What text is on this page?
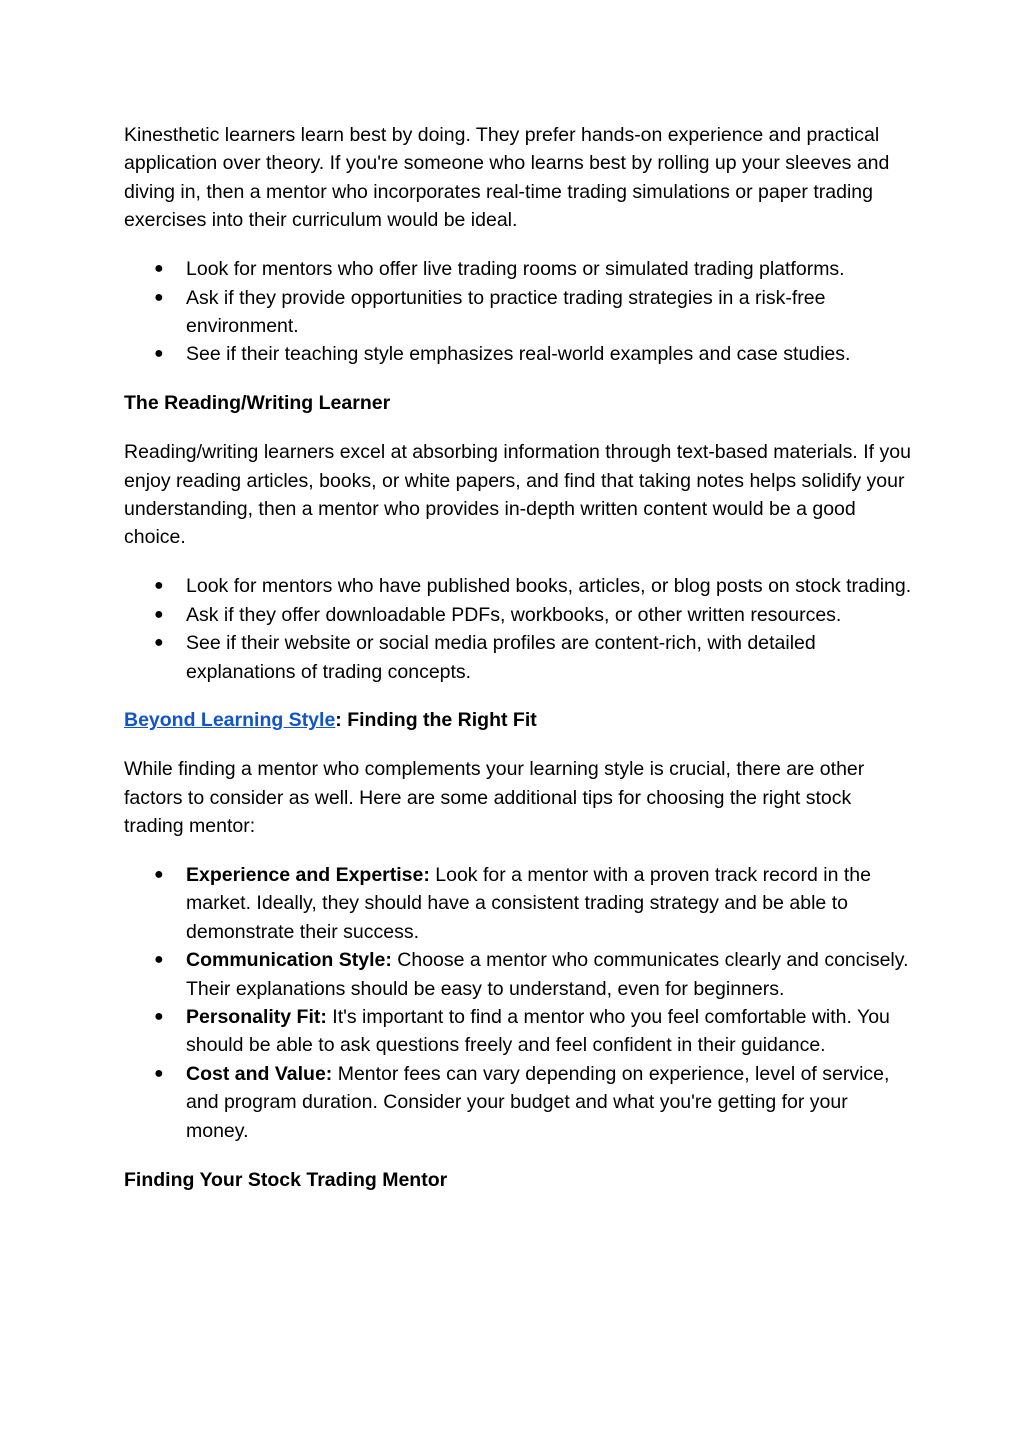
Kinesthetic learners learn best by doing. They prefer hands-on experience and practical application over theory. If you're someone who learns best by rolling up your sleeves and diving in, then a mentor who incorporates real-time trading simulations or paper trading exercises into their curriculum would be ideal.

● Look for mentors who offer live trading rooms or simulated trading platforms.
● Ask if they provide opportunities to practice trading strategies in a risk-free environment.
● See if their teaching style emphasizes real-world examples and case studies.

The Reading/Writing Learner

Reading/writing learners excel at absorbing information through text-based materials. If you enjoy reading articles, books, or white papers, and find that taking notes helps solidify your understanding, then a mentor who provides in-depth written content would be a good choice.

● Look for mentors who have published books, articles, or blog posts on stock trading.
● Ask if they offer downloadable PDFs, workbooks, or other written resources.
● See if their website or social media profiles are content-rich, with detailed explanations of trading concepts.

Beyond Learning Style: Finding the Right Fit

While finding a mentor who complements your learning style is crucial, there are other factors to consider as well. Here are some additional tips for choosing the right stock trading mentor:

● Experience and Expertise: Look for a mentor with a proven track record in the market. Ideally, they should have a consistent trading strategy and be able to demonstrate their success.
● Communication Style: Choose a mentor who communicates clearly and concisely. Their explanations should be easy to understand, even for beginners.
● Personality Fit: It's important to find a mentor who you feel comfortable with. You should be able to ask questions freely and feel confident in their guidance.
● Cost and Value: Mentor fees can vary depending on experience, level of service, and program duration. Consider your budget and what you're getting for your money.

Finding Your Stock Trading Mentor
